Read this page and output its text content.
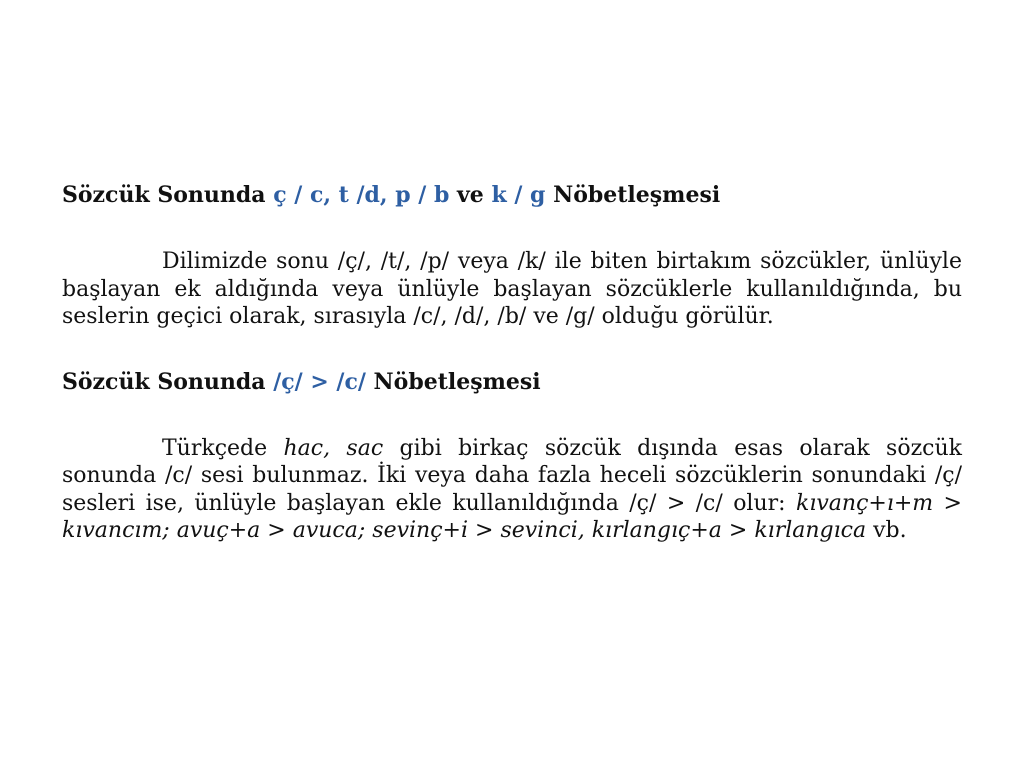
Sözcük Sonunda ç / c, t /d, p / b ve k / g Nöbetleşmesi

Dilimizde sonu /ç/, /t/, /p/ veya /k/ ile biten birtakım sözcükler, ünlüyle başlayan ek aldığında veya ünlüyle başlayan sözcüklerle kullanıldığında, bu seslerin geçici olarak, sırasıyla /c/, /d/, /b/ ve /g/ olduğu görülür.

Sözcük Sonunda /ç/ > /c/ Nöbetleşmesi

Türkçede hac, sac gibi birkaç sözcük dışında esas olarak sözcük sonunda /c/ sesi bulunmaz. İki veya daha fazla heceli sözcüklerin sonundaki /ç/ sesleri ise, ünlüyle başlayan ekle kullanıldığında /ç/ > /c/ olur: kıvanç+ı+m > kıvancım; avuç+a > avuca; sevinç+i > sevinci, kırlangıç+a > kırlangıca vb.
